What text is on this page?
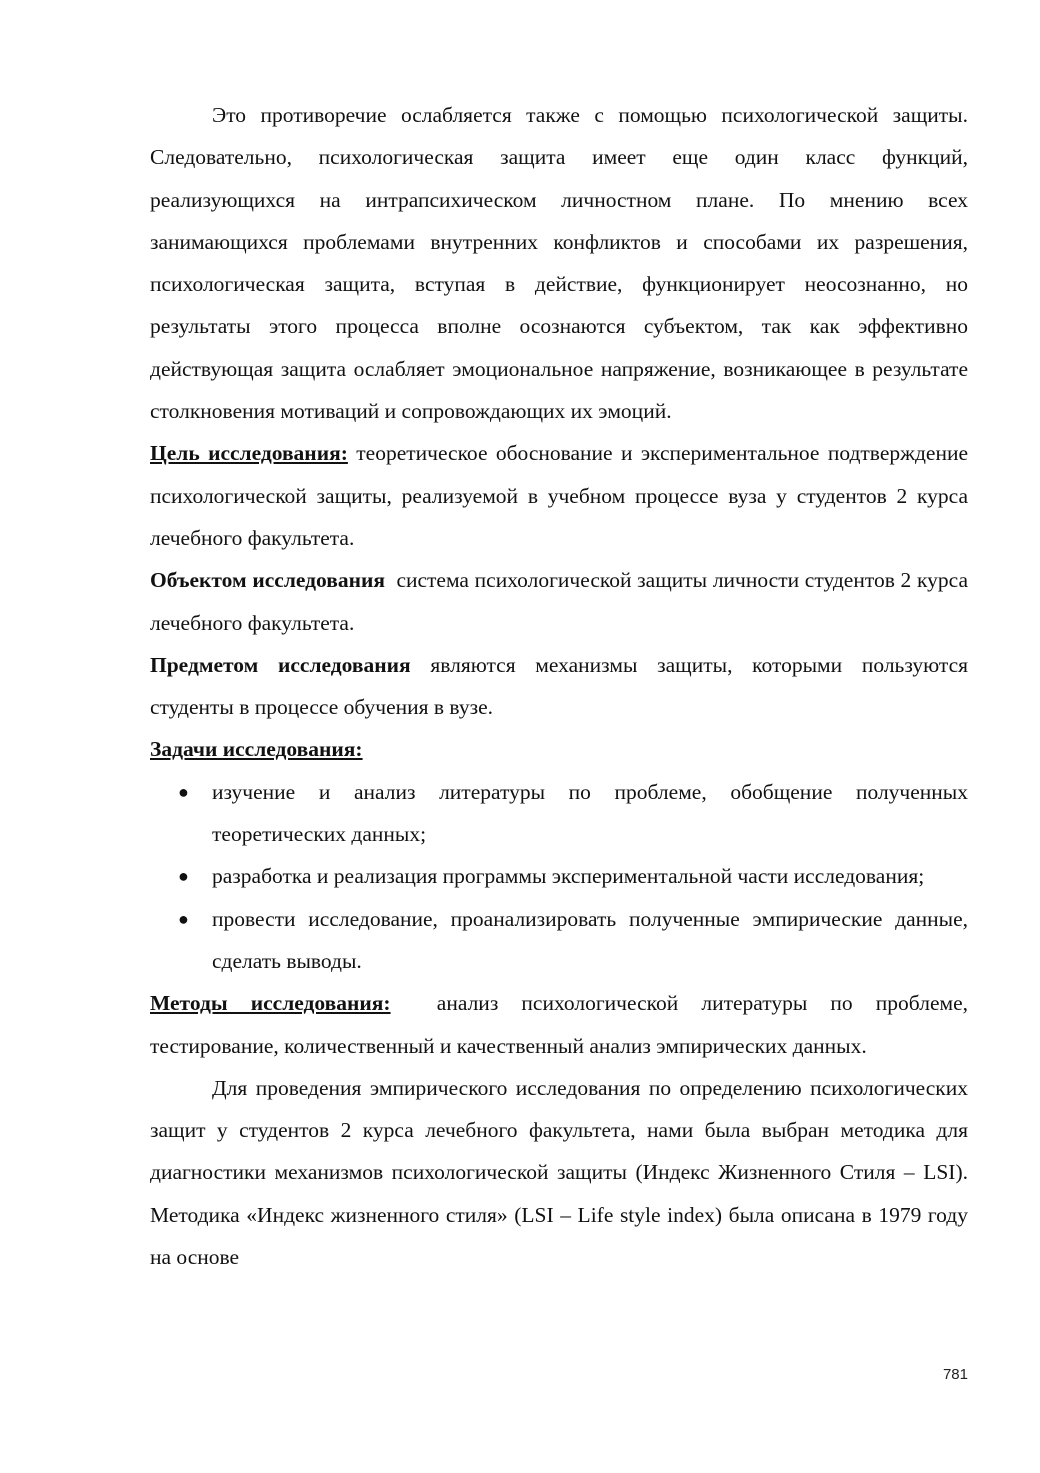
Это противоречие ослабляется также с помощью психологической защиты. Следовательно, психологическая защита имеет еще один класс функций, реализующихся на интрапсихическом личностном плане. По мнению всех занимающихся проблемами внутренних конфликтов и способами их разрешения, психологическая защита, вступая в действие, функционирует неосознанно, но результаты этого процесса вполне осознаются субъектом, так как эффективно действующая защита ослабляет эмоциональное напряжение, возникающее в результате столкновения мотиваций и сопровождающих их эмоций.

Цель исследования: теоретическое обоснование и экспериментальное подтверждение психологической защиты, реализуемой в учебном процессе вуза у студентов 2 курса лечебного факультета.

Объектом исследования  система психологической защиты личности студентов 2 курса лечебного факультета.

Предметом исследования являются механизмы защиты, которыми пользуются студенты в процессе обучения в вузе.

Задачи исследования:

● изучение и анализ литературы по проблеме, обобщение полученных теоретических данных;
● разработка и реализация программы экспериментальной части исследования;
● провести исследование, проанализировать полученные эмпирические данные, сделать выводы.

Методы исследования:  анализ психологической литературы по проблеме, тестирование, количественный и качественный анализ эмпирических данных.

Для проведения эмпирического исследования по определению психологических защит у студентов 2 курса лечебного факультета, нами была выбран методика для диагностики механизмов психологической защиты (Индекс Жизненного Стиля – LSI). Методика «Индекс жизненного стиля» (LSI – Life style index) была описана в 1979 году на основе

781
